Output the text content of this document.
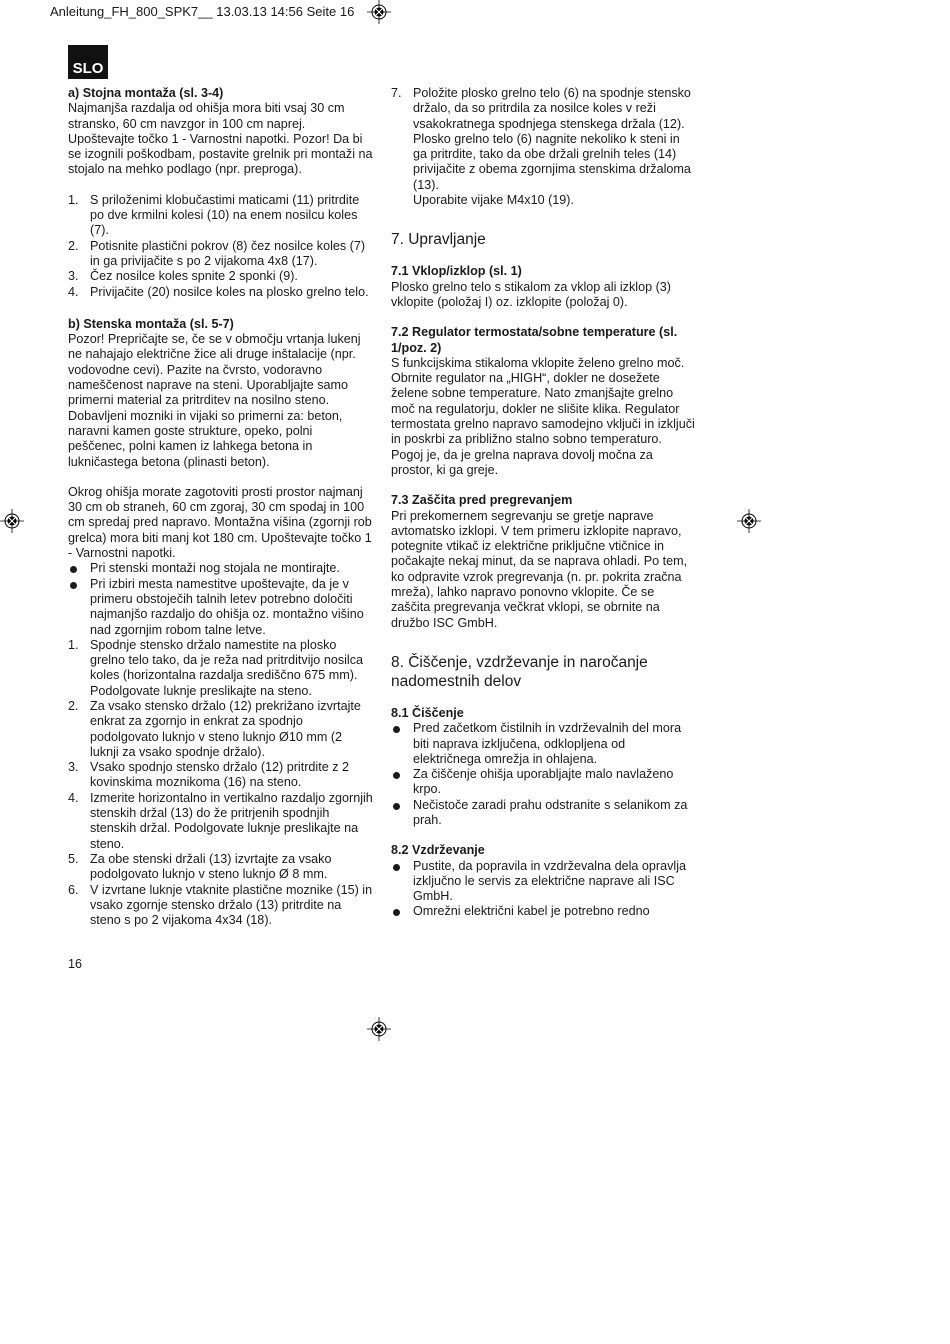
Anleitung_FH_800_SPK7__ 13.03.13 14:56 Seite 16
SLO
a) Stojna montaža (sl. 3-4)
Najmanjša razdalja od ohišja mora biti vsaj 30 cm stransko, 60 cm navzgor in 100 cm naprej. Upoštevajte točko 1 - Varnostni napotki. Pozor! Da bi se izognili poškodbam, postavite grelnik pri montaži na stojalo na mehko podlago (npr. preproga).
1. S priloženimi klobučastimi maticami (11) pritrdite po dve krmilni kolesi (10) na enem nosilcu koles (7).
2. Potisnite plastični pokrov (8) čez nosilce koles (7) in ga privijačite s po 2 vijakoma 4x8 (17).
3. Čez nosilce koles spnite 2 sponki (9).
4. Privijačite (20) nosilce koles na plosko grelno telo.
b) Stenska montaža (sl. 5-7)
Pozor! Prepričajte se, če se v območju vrtanja lukenj ne nahajajo električne žice ali druge inštalacije (npr. vodovodne cevi). Pazite na čvrsto, vodoravno nameščenost naprave na steni. Uporabljajte samo primerni material za pritrditev na nosilno steno. Dobavljeni mozniki in vijaki so primerni za: beton, naravni kamen goste strukture, opeko, polni peščenec, polni kamen iz lahkega betona in lukničastega betona (plinasti beton).
Okrog ohišja morate zagotoviti prosti prostor najmanj 30 cm ob straneh, 60 cm zgoraj, 30 cm spodaj in 100 cm spredaj pred napravo. Montažna višina (zgornji rob grelca) mora biti manj kot 180 cm. Upoštevajte točko 1 - Varnostni napotki.
Pri stenski montaži nog stojala ne montirajte.
Pri izbiri mesta namestitve upoštevajte, da je v primeru obstoječih talnih letev potrebno določiti najmanjšo razdaljo do ohišja oz. montažno višino nad zgornjim robom talne letve.
1. Spodnje stensko držalo namestite na plosko grelno telo tako, da je reža nad pritrditvijo nosilca koles (horizontalna razdalja središčno 675 mm). Podolgovate luknje preslikajte na steno.
2. Za vsako stensko držalo (12) prekrižano izvrtajte enkrat za zgornjo in enkrat za spodnjo podolgovato luknjo v steno luknjo Ø10 mm (2 luknji za vsako spodnje držalo).
3. Vsako spodnjo stensko držalo (12) pritrdite z 2 kovinskima moznikoma (16) na steno.
4. Izmerite horizontalno in vertikalno razdaljo zgornjih stenskih držal (13) do že pritrjenih spodnjih stenskih držal. Podolgovate luknje preslikajte na steno.
5. Za obe stenski držali (13) izvrtajte za vsako podolgovato luknjo v steno luknjo Ø 8 mm.
6. V izvrtane luknje vtaknite plastične moznike (15) in vsako zgornje stensko držalo (13) pritrdite na steno s po 2 vijakoma 4x34 (18).
16
7. Položite plosko grelno telo (6) na spodnje stensko držalo, da so pritrdila za nosilce koles v reži vsakokratnega spodnjega stenskega držala (12). Plosko grelno telo (6) nagnite nekoliko k steni in ga pritrdite, tako da obe držali grelnih teles (14) privijačite z obema zgornjima stenskima držaloma (13).
Uporabite vijake M4x10 (19).
7. Upravljanje
7.1 Vklop/izklop (sl. 1)
Plosko grelno telo s stikalom za vklop ali izklop (3) vklopite (položaj I) oz. izklopite (položaj 0).
7.2 Regulator termostata/sobne temperature (sl. 1/poz. 2)
S funkcijskima stikaloma vklopite želeno grelno moč. Obrnite regulator na „HIGH“, dokler ne dosežete želene sobne temperature. Nato zmanjšajte grelno moč na regulatorju, dokler ne slišite klika. Regulator termostata grelno napravo samodejno vključi in izključi in poskrbi za približno stalno sobno temperaturo. Pogoj je, da je grelna naprava dovolj močna za prostor, ki ga greje.
7.3 Zaščita pred pregrevanjem
Pri prekomernem segrevanju se gretje naprave avtomatsko izklopi. V tem primeru izklopite napravo, potegnite vtikač iz električne priključne vtičnice in počakajte nekaj minut, da se naprava ohladi. Po tem, ko odpravite vzrok pregrevanja (n. pr. pokrita zračna mreža), lahko napravo ponovno vklopite. Če se zaščita pregrevanja večkrat vklopi, se obrnite na družbo ISC GmbH.
8. Čiščenje, vzdrževanje in naročanje nadomestnih delov
8.1 Čiščenje
Pred začetkom čistilnih in vzdrževalnih del mora biti naprava izključena, odklopljena od električnega omrežja in ohlajena.
Za čiščenje ohišja uporabljajte malo navlaženo krpo.
Nečistoče zaradi prahu odstranite s selanikom za prah.
8.2 Vzdrževanje
Pustite, da popravila in vzdrževalna dela opravlja izključno le servis za električne naprave ali ISC GmbH.
Omrežni električni kabel je potrebno redno
